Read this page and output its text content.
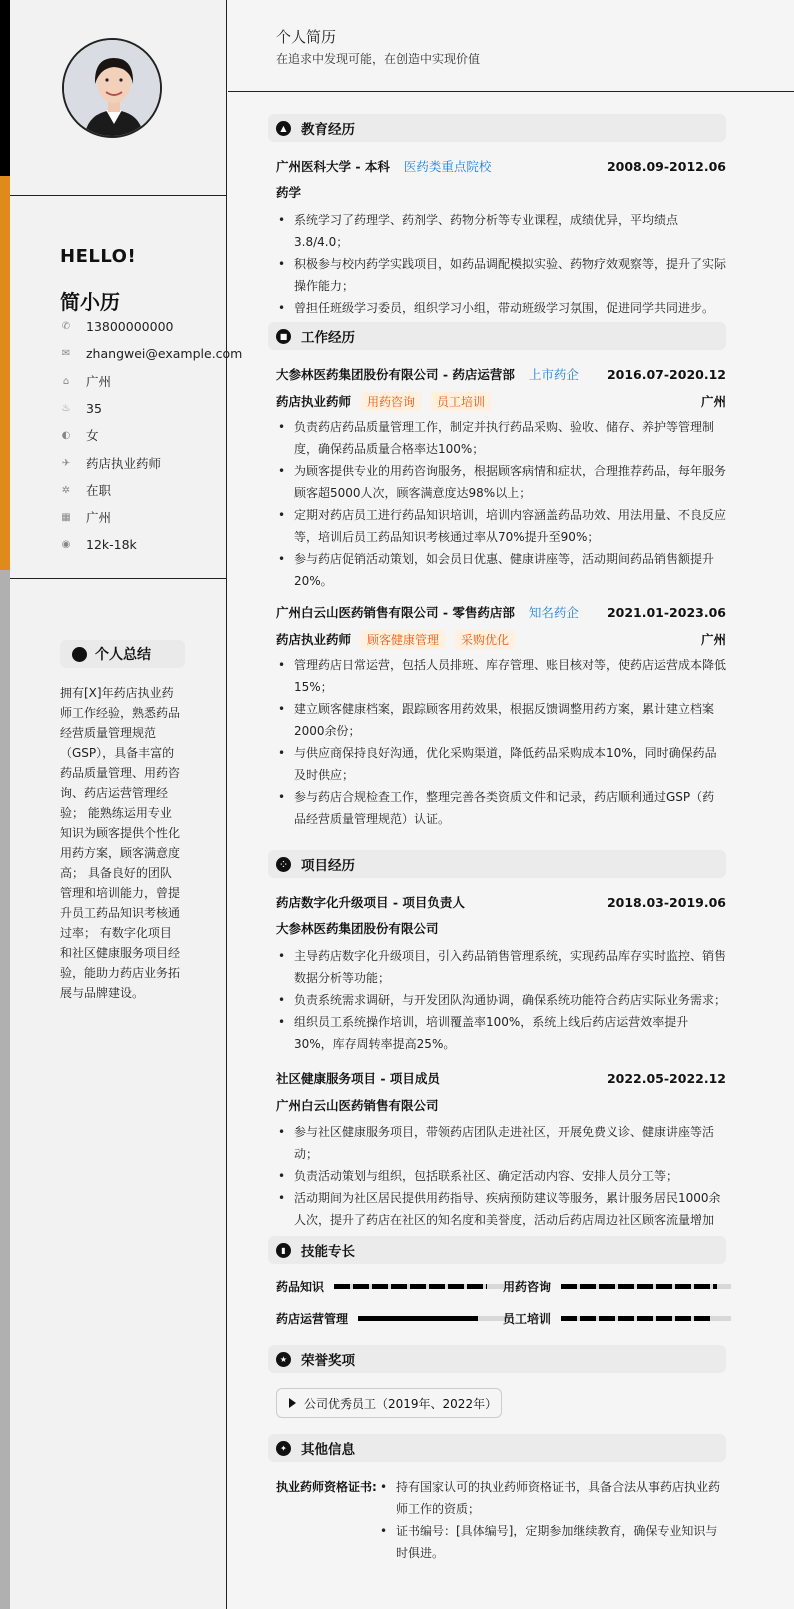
HELLO!
简小历
✆ 13800000000
✉ zhangwei@example.com
⌂ 广州
♨ 35
◐ 女
✈ 药店执业药师
✲ 在职
▦ 广州
◉ 12k-18k
个人总结
拥有[X]年药店执业药师工作经验，熟悉药品经营质量管理规范（GSP），具备丰富的药品质量管理、用药咨询、药店运营管理经验； 能熟练运用专业知识为顾客提供个性化用药方案，顾客满意度高； 具备良好的团队管理和培训能力，曾提升员工药品知识考核通过率； 有数字化项目和社区健康服务项目经验，能助力药店业务拓展与品牌建设。
个人简历
在追求中发现可能，在创造中实现价值
▲	教育经历
广州医科大学 - 本科 医药类重点院校	2008.09-2012.06
药学
• 系统学习了药理学、药剂学、药物分析等专业课程，成绩优异，平均绩点3.8/4.0；
• 积极参与校内药学实践项目，如药品调配模拟实验、药物疗效观察等，提升了实际操作能力；
• 曾担任班级学习委员，组织学习小组，带动班级学习氛围，促进同学共同进步。
■ 工作经历
大参林医药集团股份有限公司 - 药店运营部 上市药企 2016.07-2020.12
药店执业药师	用药咨询	员工培训	广州
• 负责药店药品质量管理工作，制定并执行药品采购、验收、储存、养护等管理制度，确保药品质量合格率达100%；
• 为顾客提供专业的用药咨询服务，根据顾客病情和症状，合理推荐药品，每年服务顾客超5000人次，顾客满意度达98%以上；
• 定期对药店员工进行药品知识培训，培训内容涵盖药品功效、用法用量、不良反应等，培训后员工药品知识考核通过率从70%提升至90%；
• 参与药店促销活动策划，如会员日优惠、健康讲座等，活动期间药品销售额提升20%。
广州白云山医药销售有限公司 - 零售药店部 知名药企 2021.01-2023.06
药店执业药师	顾客健康管理	采购优化	广州
• 管理药店日常运营，包括人员排班、库存管理、账目核对等，使药店运营成本降低15%；
• 建立顾客健康档案，跟踪顾客用药效果，根据反馈调整用药方案，累计建立档案2000余份；
• 与供应商保持良好沟通，优化采购渠道，降低药品采购成本10%，同时确保药品及时供应；
• 参与药店合规检查工作，整理完善各类资质文件和记录，药店顺利通过GSP（药品经营质量管理规范）认证。
⁘	项目经历
药店数字化升级项目 - 项目负责人	2018.03-2019.06
大参林医药集团股份有限公司
• 主导药店数字化升级项目，引入药品销售管理系统，实现药品库存实时监控、销售数据分析等功能；
• 负责系统需求调研，与开发团队沟通协调，确保系统功能符合药店实际业务需求；
• 组织员工系统操作培训，培训覆盖率100%，系统上线后药店运营效率提升30%，库存周转率提高25%。
社区健康服务项目 - 项目成员	2022.05-2022.12
广州白云山医药销售有限公司
• 参与社区健康服务项目，带领药店团队走进社区，开展免费义诊、健康讲座等活动；
• 负责活动策划与组织，包括联系社区、确定活动内容、安排人员分工等；
• 活动期间为社区居民提供用药指导、疾病预防建议等服务，累计服务居民1000余人次，提升了药店在社区的知名度和美誉度，活动后药店周边社区顾客流量增加
▮	技能专长
药品知识	用药咨询
药店运营管理	员工培训
★ 荣誉奖项
公司优秀员工（2019年、2022年）
✦	其他信息
执业药师资格证书:
•	持有国家认可的执业药师资格证书，具备合法从事药店执业药师工作的资质；
• 证书编号：[具体编号]，定期参加继续教育，确保专业知识与时俱进。
